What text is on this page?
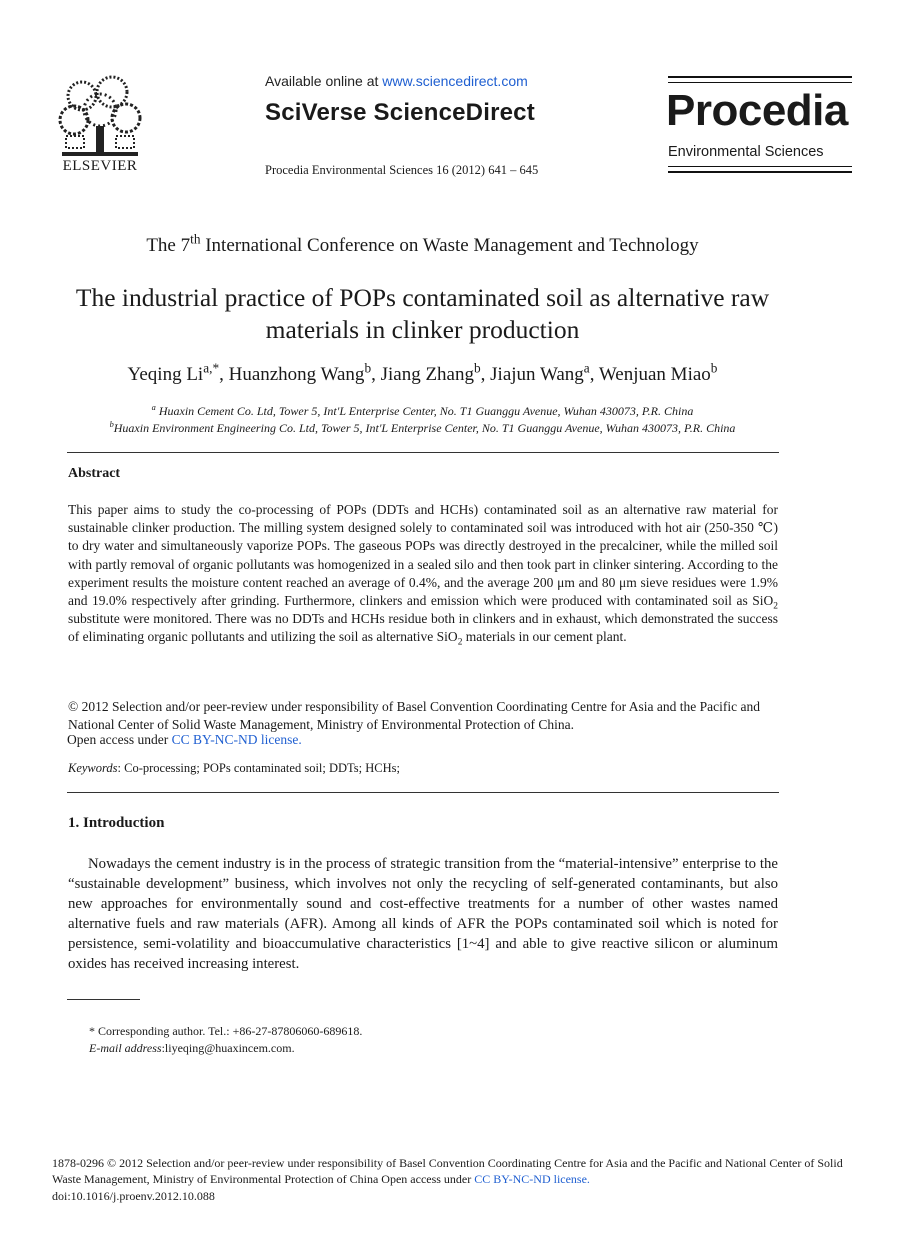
ELSEVIER
Available online at www.sciencedirect.com
SciVerse ScienceDirect
Procedia Environmental Sciences 16 (2012) 641 – 645
Procedia
Environmental Sciences
The 7th International Conference on Waste Management and Technology
The industrial practice of POPs contaminated soil as alternative raw materials in clinker production
Yeqing $Li^{a,*}$, Huanzhong Wang$^b$, Jiang Zhang$^b$, Jiajun Wang$^a$, Wenjuan Miao$^b$
$^a$ Huaxin Cement Co. Ltd, Tower 5, Int'L Enterprise Center, No. T1 Guanggu Avenue, Wuhan 430073, P.R. China
$^b$Huaxin Environment Engineering Co. Ltd, Tower 5, Int'L Enterprise Center, No. T1 Guanggu Avenue, Wuhan 430073, P.R. China
Abstract
This paper aims to study the co-processing of POPs (DDTs and HCHs) contaminated soil as an alternative raw material for sustainable clinker production. The milling system designed solely to contaminated soil was introduced with hot air (250-350 ℃) to dry water and simultaneously vaporize POPs. The gaseous POPs was directly destroyed in the precalciner, while the milled soil with partly removal of organic pollutants was homogenized in a sealed silo and then took part in clinker sintering. According to the experiment results the moisture content reached an average of 0.4%, and the average 200 μm and 80 μm sieve residues were 1.9% and 19.0% respectively after grinding. Furthermore, clinkers and emission which were produced with contaminated soil as SiO$_2$ substitute were monitored. There was no DDTs and HCHs residue both in clinkers and in exhaust, which demonstrated the success of eliminating organic pollutants and utilizing the soil as alternative SiO$_2$ materials in our cement plant.
© 2012 Selection and/or peer-review under responsibility of Basel Convention Coordinating Centre for Asia and the Pacific and National Center of Solid Waste Management, Ministry of Environmental Protection of China.
Open access under CC BY-NC-ND license.
Keywords: Co-processing; POPs contaminated soil; DDTs; HCHs;
1. Introduction
Nowadays the cement industry is in the process of strategic transition from the “material-intensive” enterprise to the “sustainable development” business, which involves not only the recycling of self-generated contaminants, but also new approaches for environmentally sound and cost-effective treatments for a number of other wastes named alternative fuels and raw materials (AFR). Among all kinds of AFR the POPs contaminated soil which is noted for persistence, semi-volatility and bioaccumulative characteristics [1~4] and able to give reactive silicon or aluminum oxides has received increasing interest.
* Corresponding author. Tel.: +86-27-87806060-689618.
E-mail address:liyeqing@huaxincem.com.
1878-0296 © 2012 Selection and/or peer-review under responsibility of Basel Convention Coordinating Centre for Asia and the Pacific and National Center of Solid Waste Management, Ministry of Environmental Protection of China Open access under CC BY-NC-ND license.
doi:10.1016/j.proenv.2012.10.088
